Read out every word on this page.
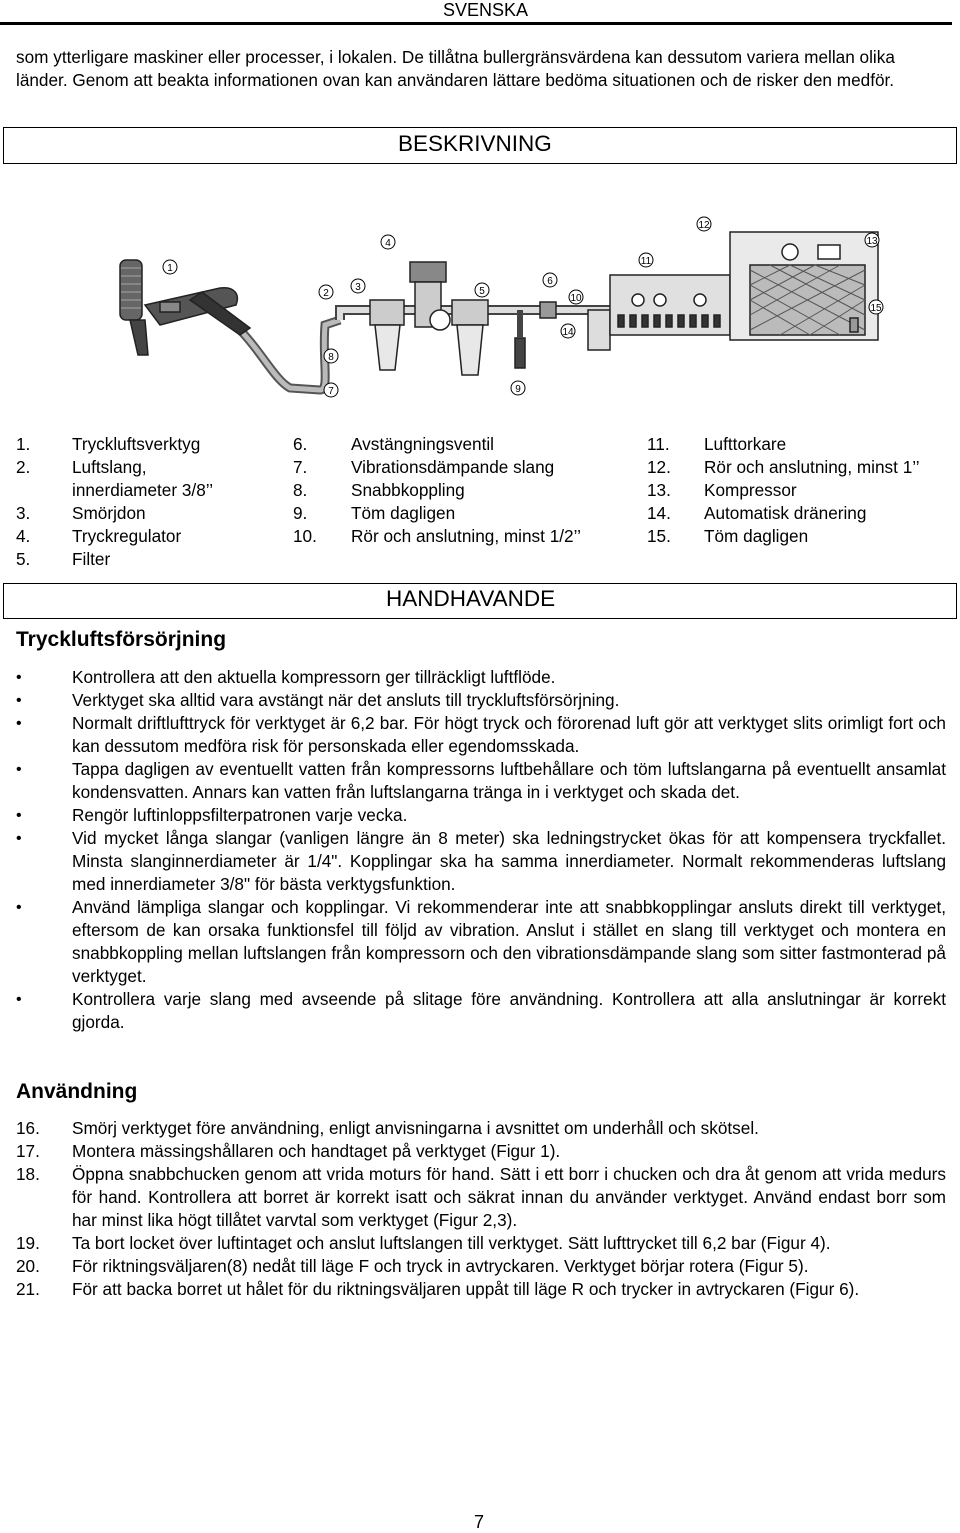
SVENSKA

som ytterligare maskiner eller processer, i lokalen. De tillåtna bullergränsvärdena kan dessutom variera mellan olika länder. Genom att beakta informationen ovan kan användaren lättare bedöma situationen och de risker den medför.

BESKRIVNING
1
2
3
4
5
6
7
8
9
10
11
12
13
14
15
1.	Tryckluftsverktyg
2.	Luftslang,
innerdiameter 3/8’’
3.	Smörjdon
4.	Tryckregulator
5.	Filter
6.	Avstängningsventil
7.	Vibrationsdämpande slang
8.	Snabbkoppling
9.	Töm dagligen
10.	Rör och anslutning, minst 1/2’’
11.	Lufttorkare
12.	Rör och anslutning, minst 1’’
13.	Kompressor
14.	Automatisk dränering
15.	Töm dagligen
HANDHAVANDE
Tryckluftsförsörjning
• Kontrollera att den aktuella kompressorn ger tillräckligt luftflöde.
• Verktyget ska alltid vara avstängt när det ansluts till tryckluftsförsörjning.
• Normalt driftlufttryck för verktyget är 6,2 bar. För högt tryck och förorenad luft gör att verktyget slits orimligt fort och kan dessutom medföra risk för personskada eller egendomsskada.
• Tappa dagligen av eventuellt vatten från kompressorns luftbehållare och töm luftslangarna på eventuellt ansamlat kondensvatten. Annars kan vatten från luftslangarna tränga in i verktyget och skada det.
• Rengör luftinloppsfilterpatronen varje vecka.
• Vid mycket långa slangar (vanligen längre än 8 meter) ska ledningstrycket ökas för att kompensera tryckfallet. Minsta slanginnerdiameter är 1/4". Kopplingar ska ha samma innerdiameter. Normalt rekommenderas luftslang med innerdiameter 3/8" för bästa verktygsfunktion.
• Använd lämpliga slangar och kopplingar. Vi rekommenderar inte att snabbkopplingar ansluts direkt till verktyget, eftersom de kan orsaka funktionsfel till följd av vibration. Anslut i stället en slang till verktyget och montera en snabbkoppling mellan luftslangen från kompressorn och den vibrationsdämpande slang som sitter fastmonterad på verktyget.
• Kontrollera varje slang med avseende på slitage före användning. Kontrollera att alla anslutningar är korrekt gjorda.
Användning
16. Smörj verktyget före användning, enligt anvisningarna i avsnittet om underhåll och skötsel.
17. Montera mässingshållaren och handtaget på verktyget (Figur 1).
18. Öppna snabbchucken genom att vrida moturs för hand. Sätt i ett borr i chucken och dra åt genom att vrida medurs för hand. Kontrollera att borret är korrekt isatt och säkrat innan du använder verktyget. Använd endast borr som har minst lika högt tillåtet varvtal som verktyget (Figur 2,3).
19. Ta bort locket över luftintaget och anslut luftslangen till verktyget. Sätt lufttrycket till 6,2 bar (Figur 4).
20. För riktningsväljaren(8) nedåt till läge F och tryck in avtryckaren. Verktyget börjar rotera (Figur 5).
21. För att backa borret ut hålet för du riktningsväljaren uppåt till läge R och trycker in avtryckaren (Figur 6).
7
